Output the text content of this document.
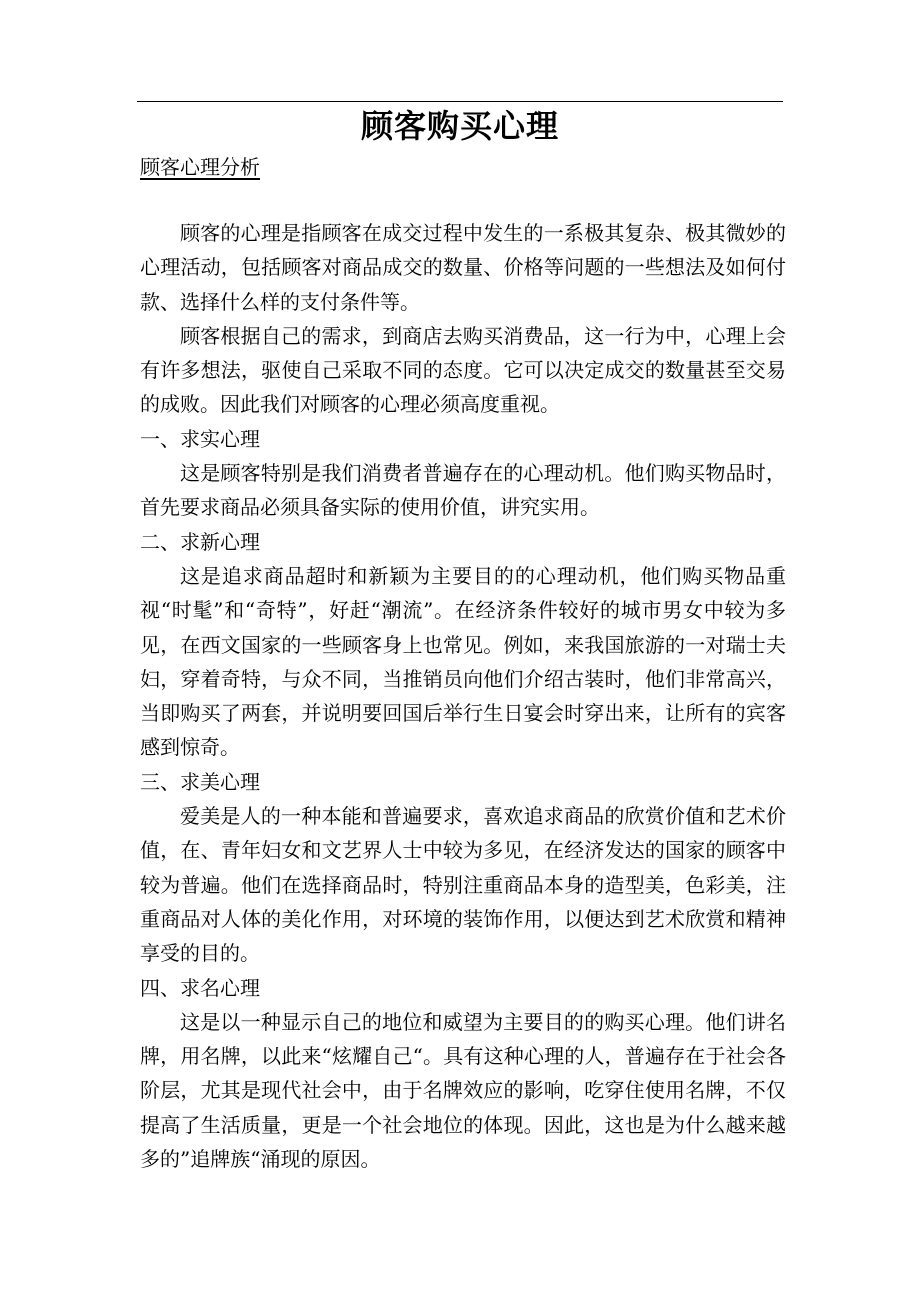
顾客购买心理
顾客心理分析

顾客的心理是指顾客在成交过程中发生的一系极其复杂、极其微妙的心理活动，包括顾客对商品成交的数量、价格等问题的一些想法及如何付款、选择什么样的支付条件等。

顾客根据自己的需求，到商店去购买消费品，这一行为中，心理上会有许多想法，驱使自己采取不同的态度。它可以决定成交的数量甚至交易的成败。因此我们对顾客的心理必须高度重视。

一、求实心理

这是顾客特别是我们消费者普遍存在的心理动机。他们购买物品时，首先要求商品必须具备实际的使用价值，讲究实用。

二、求新心理

这是追求商品超时和新颖为主要目的的心理动机，他们购买物品重视“时髦”和“奇特”，好赶“潮流”。在经济条件较好的城市男女中较为多见，在西文国家的一些顾客身上也常见。例如，来我国旅游的一对瑞士夫妇，穿着奇特，与众不同，当推销员向他们介绍古装时，他们非常高兴，当即购买了两套，并说明要回国后举行生日宴会时穿出来，让所有的宾客感到惊奇。

三、求美心理

爱美是人的一种本能和普遍要求，喜欢追求商品的欣赏价值和艺术价值，在、青年妇女和文艺界人士中较为多见，在经济发达的国家的顾客中较为普遍。他们在选择商品时，特别注重商品本身的造型美，色彩美，注重商品对人体的美化作用，对环境的装饰作用，以便达到艺术欣赏和精神享受的目的。

四、求名心理

这是以一种显示自己的地位和威望为主要目的的购买心理。他们讲名牌，用名牌，以此来“炫耀自己“。具有这种心理的人，普遍存在于社会各阶层，尤其是现代社会中，由于名牌效应的影响，吃穿住使用名牌，不仅提高了生活质量，更是一个社会地位的体现。因此，这也是为什么越来越多的”追牌族“涌现的原因。
